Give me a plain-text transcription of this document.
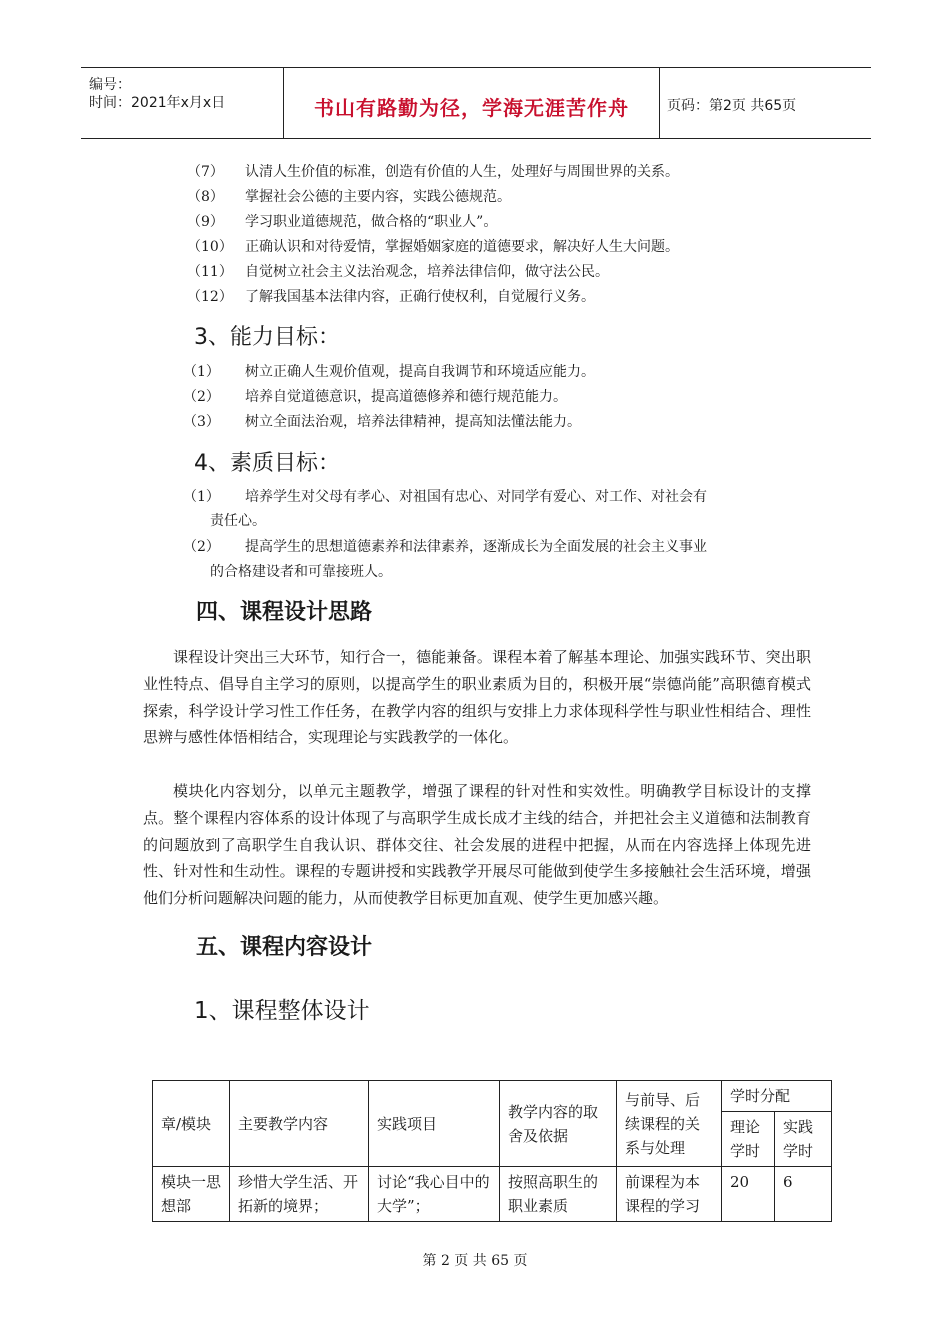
编号：
时间：2021年x月x日	书山有路勤为径，学海无涯苦作舟	页码：第2页 共65页
（7） 认清人生价值的标准，创造有价值的人生，处理好与周围世界的关系。
（8） 掌握社会公德的主要内容，实践公德规范。
（9） 学习职业道德规范，做合格的“职业人”。
（10） 正确认识和对待爱情，掌握婚姻家庭的道德要求，解决好人生大问题。
（11） 自觉树立社会主义法治观念，培养法律信仰，做守法公民。
（12） 了解我国基本法律内容，正确行使权利，自觉履行义务。
3、能力目标：
（1） 树立正确人生观价值观，提高自我调节和环境适应能力。
（2） 培养自觉道德意识，提高道德修养和德行规范能力。
（3） 树立全面法治观，培养法律精神，提高知法懂法能力。
4、素质目标：
（1） 培养学生对父母有孝心、对祖国有忠心、对同学有爱心、对工作、对社会有
责任心。
（2） 提高学生的思想道德素养和法律素养，逐渐成长为全面发展的社会主义事业
的合格建设者和可靠接班人。
四、课程设计思路
课程设计突出三大环节，知行合一，德能兼备。课程本着了解基本理论、加强实践环节、突出职业性特点、倡导自主学习的原则，以提高学生的职业素质为目的，积极开展“崇德尚能”高职德育模式探索，科学设计学习性工作任务，在教学内容的组织与安排上力求体现科学性与职业性相结合、理性思辨与感性体悟相结合，实现理论与实践教学的一体化。
模块化内容划分，以单元主题教学，增强了课程的针对性和实效性。明确教学目标设计的支撑点。整个课程内容体系的设计体现了与高职学生成长成才主线的结合，并把社会主义道德和法制教育的问题放到了高职学生自我认识、群体交往、社会发展的进程中把握，从而在内容选择上体现先进性、针对性和生动性。课程的专题讲授和实践教学开展尽可能做到使学生多接触社会生活环境，增强他们分析问题解决问题的能力，从而使教学目标更加直观、使学生更加感兴趣。
五、课程内容设计
1、课程整体设计
章/模块	主要教学内容	实践项目	教学内容的取舍及依据	与前导、后续课程的关系与处理	学时分配	
					理论学时	实践学时
模块一思想部	珍惜大学生活、开拓新的境界；	讨论“我心目中的大学”；	按照高职生的职业素质	前课程为本课程的学习	20	6
第 2 页 共 65 页
